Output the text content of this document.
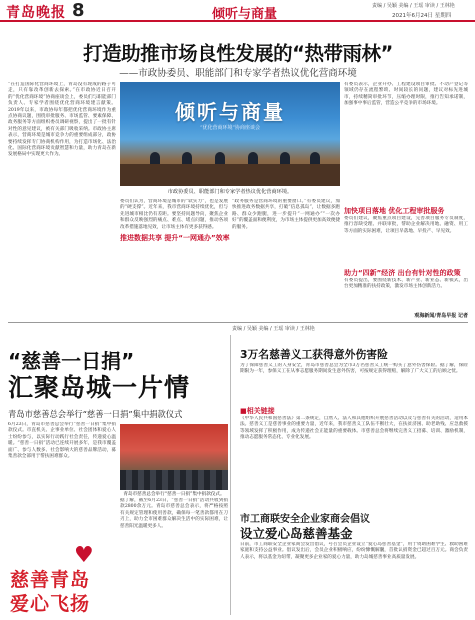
青岛晚报 8	倾听与商量
责编 / 吴颖 美编 / 王瑶 审读 / 王林艳
2021年6月24日 星期四
打造助推市场良性发展的“热带雨林”
——市政协委员、职能部门和专家学者热议优化营商环境
“在打造国际化营商环境上，青岛没有现成的路子可走，只有靠改革创新去探索。”在市政协近日召开的“优化营商环境”协商座谈会上，委员们与职能部门负责人、专家学者围绕优化营商环境建言献策。2019年以来，市政协每年都把优化营商环境作为重点协商议题，围绕审批服务、市场监管、要素保障、政务服务等方面组织委员调研视察，提出了一批有针对性的意见建议，被有关部门吸收采纳。市政协主席表示，营商环境是城市竞争力的重要组成部分，政协要持续发挥专门协商机构作用，为打造市场化、法治化、国际化营商环境贡献智慧和力量，助力青岛在新发展格局中实现更大作为。
倾听与商量
“优化营商环境”协商座谈会
市政协委员、职能部门和专家学者热议优化营商环境。
委员们认为，营商环境是城市的“软实力”，也是发展的“硬支撑”。近年来，我市营商环境持续优化，但与先进城市相比仍有差距。要坚持问题导向，聚焦企业和群众反映强烈的痛点、难点、堵点问题，推动各项改革措施落地见效，让市场主体有更多获得感。
“政务服务是营商环境的重要窗口。”有委员建议，加快推进政务数据共享，打破“信息孤岛”，让数据多跑路、群众少跑腿，进一步提升“一网通办”“一次办好”的覆盖面和便利度，为市场主体提供更加高效便捷的服务。
推进数据共享 提升“一网通办”效率
有委员表示，企业开办、工程建设项目审批、不动产登记等领域仍存在流程繁琐、时间较长的问题，建议对标先进城市，持续精简审批环节，压缩办理时限，推行告知承诺制，加强事中事后监管，营造公平竞争的市场环境。
加快项目落地 优化工程审批服务
委员们建议，聚焦重点项目建设，完善项目服务专员制度，推行容缺受理、并联审批，帮助企业解决用地、融资、用工等方面的实际困难，让项目早落地、早投产、早见效。
助力“四新”经济 出台有针对性的政策
有委员提出，要围绕新技术、新产业、新业态、新模式，出台更加精准的扶持政策，激发市场主体创新活力。
观海新闻/青岛早报 记者
责编 / 吴颖 美编 / 王瑶 审读 / 王林艳
“慈善一日捐”
汇聚岛城一片情
青岛市慈善总会举行“慈善一日捐”集中捐款仪式
6月23日，青岛市慈善总会举行“慈善一日捐”集中捐款仪式。市直机关、企事业单位、社会团体和爱心人士纷纷参与，以实际行动践行社会责任，传递爱心温暖。“慈善一日捐”活动已连续开展多年，是我市覆盖面广、参与人数多、社会影响大的慈善品牌活动，募集善款全部用于帮扶困难群众。
青岛市慈善总会举行“慈善一日捐”集中捐款仪式。
据了解，截至6月23日，“慈善一日捐”活动共收到捐款2800余万元。青岛市慈善总会表示，将严格按照有关规定管理和使用善款，确保每一笔善款都用在刀刃上，助力全市困难群众解决生活中的实际困难，让慈善阳光温暖更多人。
♥
慈善青岛
爱心飞扬
3万名慈善义工获得意外伤害险
为了保障慈善义工的人身安全，青岛市慈善总会为全市3万名慈善义工统一购买了意外伤害保险。据了解，保险期限为一年，参保义工在从事志愿服务期间发生意外伤害，可按规定获得理赔，解除了广大义工的后顾之忧。
■相关链接
《中华人民共和国慈善法》第二条规定，自然人、法人和其他组织开展慈善活动以及与慈善有关的活动，适用本法。慈善义工是慈善事业的重要力量，近年来，我市慈善义工队伍不断壮大，在扶贫济困、助老助残、应急救援等领域发挥了积极作用，成为传递社会正能量的重要载体。市慈善总会将继续完善义工招募、培训、激励机制，推动志愿服务常态化、专业化发展。
市工商联安全企业家商会倡议
设立爱心岛慈善基金
日前，市工商联安全企业家商会发出倡议，号召会员企业设立“爱心岛慈善基金”，用于资助困难学生、救助困难家庭和支持公益事业。倡议发出后，会员企业积极响应，纷纷慷慨解囊，首批认捐资金已超过百万元。商会负责人表示，将以基金为纽带，凝聚更多企业家的爱心力量，助力岛城慈善事业高质量发展。
